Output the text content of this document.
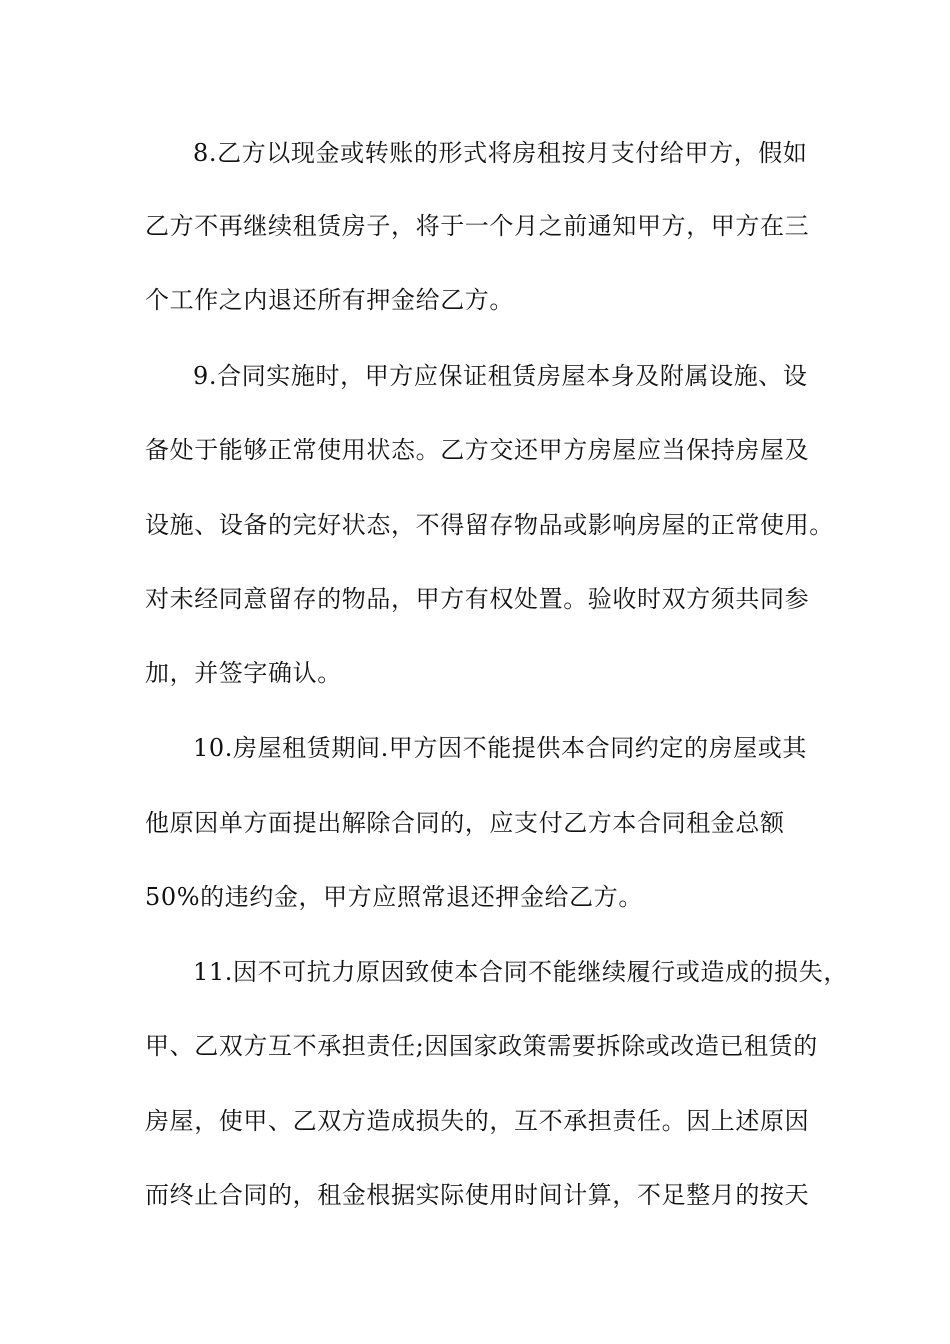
8.乙方以现金或转账的形式将房租按月支付给甲方，假如
乙方不再继续租赁房子，将于一个月之前通知甲方，甲方在三
个工作之内退还所有押金给乙方。
9.合同实施时，甲方应保证租赁房屋本身及附属设施、设
备处于能够正常使用状态。乙方交还甲方房屋应当保持房屋及
设施、设备的完好状态，不得留存物品或影响房屋的正常使用。
对未经同意留存的物品，甲方有权处置。验收时双方须共同参
加，并签字确认。
10.房屋租赁期间.甲方因不能提供本合同约定的房屋或其
他原因单方面提出解除合同的，应支付乙方本合同租金总额
50%的违约金，甲方应照常退还押金给乙方。
11.因不可抗力原因致使本合同不能继续履行或造成的损失，
甲、乙双方互不承担责任;因国家政策需要拆除或改造已租赁的
房屋，使甲、乙双方造成损失的，互不承担责任。因上述原因
而终止合同的，租金根据实际使用时间计算，不足整月的按天
